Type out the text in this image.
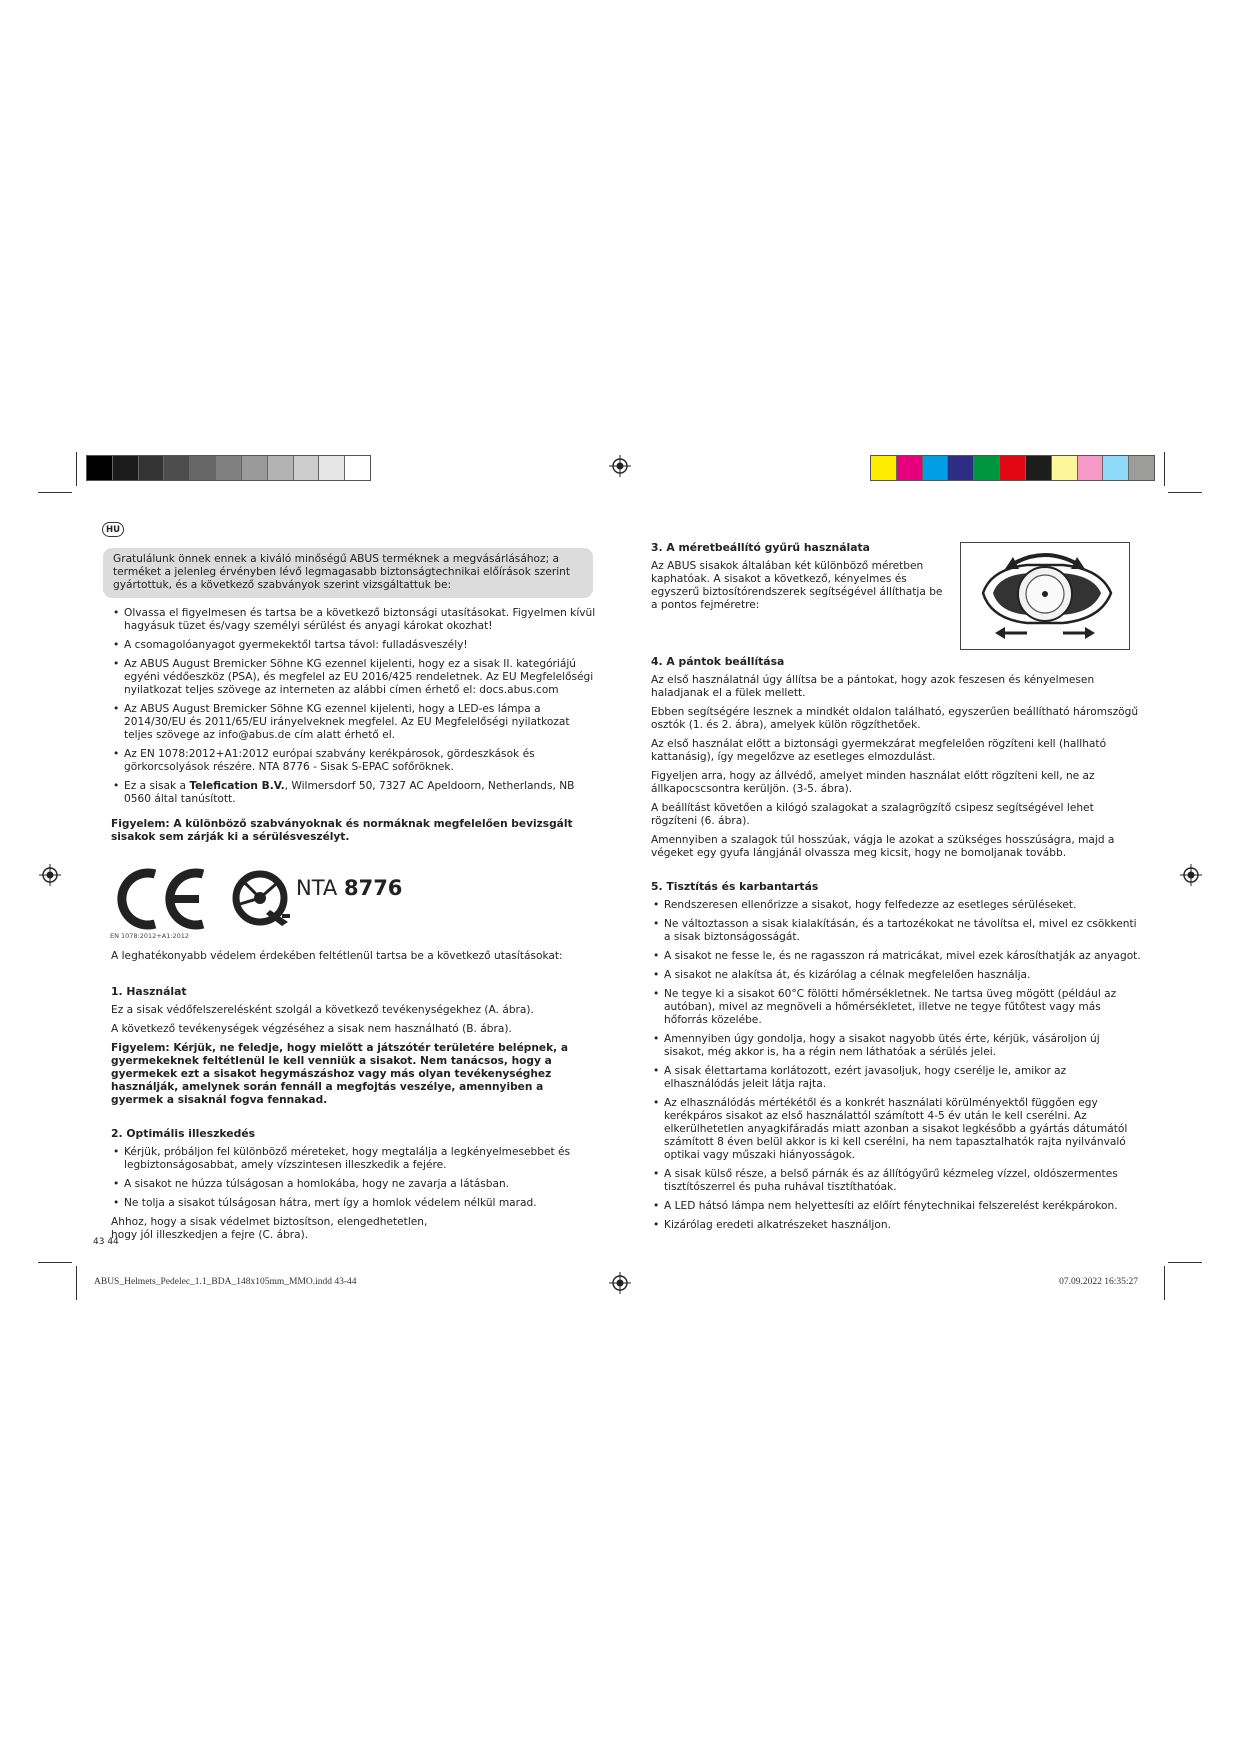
HU
Gratulálunk önnek ennek a kiváló minőségű ABUS terméknek a megvásárlásához; a terméket a jelenleg érvényben lévő legmagasabb biztonságtechnikai előírások szerint gyártottuk, és a következő szabványok szerint vizsgáltattuk be:
• Olvassa el figyelmesen és tartsa be a következő biztonsági utasításokat. Figyelmen kívül hagyásuk tüzet és/vagy személyi sérülést és anyagi károkat okozhat!
• A csomagolóanyagot gyermekektől tartsa távol: fulladásveszély!
• Az ABUS August Bremicker Söhne KG ezennel kijelenti, hogy ez a sisak II. kategóriájú egyéni védőeszköz (PSA), és megfelel az EU 2016/425 rendeletnek. Az EU Megfelelőségi nyilatkozat teljes szövege az interneten az alábbi címen érhető el: docs.abus.com
• Az ABUS August Bremicker Söhne KG ezennel kijelenti, hogy a LED-es lámpa a 2014/30/EU és 2011/65/EU irányelveknek megfelel. Az EU Megfelelőségi nyilatkozat teljes szövege az info@abus.de cím alatt érhető el.
• Az EN 1078:2012+A1:2012 európai szabvány kerékpárosok, gördeszkások és görkorcsolyások részére. NTA 8776 - Sisak S-EPAC sofőröknek.
• Ez a sisak a Telefication B.V., Wilmersdorf 50, 7327 AC Apeldoorn, Netherlands, NB 0560 által tanúsított.

Figyelem: A különböző szabványoknak és normáknak megfelelően bevizsgált sisakok sem zárják ki a sérülésveszélyt.

EN 1078:2012+A1:2012
NTA 8776

A leghatékonyabb védelem érdekében feltétlenül tartsa be a következő utasításokat:

1. Használat

Ez a sisak védőfelszerelésként szolgál a következő tevékenységekhez (A. ábra).

A következő tevékenységek végzéséhez a sisak nem használható (B. ábra).

Figyelem: Kérjük, ne feledje, hogy mielőtt a játszótér területére belépnek, a gyermekeknek feltétlenül le kell venniük a sisakot. Nem tanácsos, hogy a gyermekek ezt a sisakot hegymászáshoz vagy más olyan tevékenységhez használják, amelynek során fennáll a megfojtás veszélye, amennyiben a gyermek a sisaknál fogva fennakad.

2. Optimális illeszkedés
• Kérjük, próbáljon fel különböző méreteket, hogy megtalálja a legkényelmesebbet és legbiztonságosabbat, amely vízszintesen illeszkedik a fejére.
• A sisakot ne húzza túlságosan a homlokába, hogy ne zavarja a látásban.
• Ne tolja a sisakot túlságosan hátra, mert így a homlok védelem nélkül marad.

Ahhoz, hogy a sisak védelmet biztosítson, elengedhetetlen, hogy jól illeszkedjen a fejre (C. ábra).

43 44
3. A méretbeállító gyűrű használata

Az ABUS sisakok általában két különböző méretben kaphatóak. A sisakot a következő, kényelmes és egyszerű biztosítórendszerek segítségével állíthatja be a pontos fejméretre:

4. A pántok beállítása

Az első használatnál úgy állítsa be a pántokat, hogy azok feszesen és kényelmesen haladjanak el a fülek mellett.

Ebben segítségére lesznek a mindkét oldalon található, egyszerűen beállítható háromszögű osztók (1. és 2. ábra), amelyek külön rögzíthetőek.

Az első használat előtt a biztonsági gyermekzárat megfelelően rögzíteni kell (hallható kattanásig), így megelőzve az esetleges elmozdulást.

Figyeljen arra, hogy az állvédő, amelyet minden használat előtt rögzíteni kell, ne az állkapocscsontra kerüljön. (3-5. ábra).

A beállítást követően a kilógó szalagokat a szalagrögzítő csipesz segítségével lehet rögzíteni (6. ábra).

Amennyiben a szalagok túl hosszúak, vágja le azokat a szükséges hosszúságra, majd a végeket egy gyufa lángjánál olvassza meg kicsit, hogy ne bomoljanak tovább.

5. Tisztítás és karbantartás
• Rendszeresen ellenőrizze a sisakot, hogy felfedezze az esetleges sérüléseket.
• Ne változtasson a sisak kialakításán, és a tartozékokat ne távolítsa el, mivel ez csökkenti a sisak biztonságosságát.
• A sisakot ne fesse le, és ne ragasszon rá matricákat, mivel ezek károsíthatják az anyagot.
• A sisakot ne alakítsa át, és kizárólag a célnak megfelelően használja.
• Ne tegye ki a sisakot 60°C fölötti hőmérsékletnek. Ne tartsa üveg mögött (például az autóban), mivel az megnöveli a hőmérsékletet, illetve ne tegye fűtőtest vagy más hőforrás közelébe.
• Amennyiben úgy gondolja, hogy a sisakot nagyobb ütés érte, kérjük, vásároljon új sisakot, még akkor is, ha a régin nem láthatóak a sérülés jelei.
• A sisak élettartama korlátozott, ezért javasoljuk, hogy cserélje le, amikor az elhasználódás jeleit látja rajta.
• Az elhasználódás mértékétől és a konkrét használati körülményektől függően egy kerékpáros sisakot az első használattól számított 4-5 év után le kell cserélni. Az elkerülhetetlen anyagkifáradás miatt azonban a sisakot legkésőbb a gyártás dátumától számított 8 éven belül akkor is ki kell cserélni, ha nem tapasztalhatók rajta nyilvánvaló optikai vagy műszaki hiányosságok.
• A sisak külső része, a belső párnák és az állítógyűrű kézmeleg vízzel, oldószermentes tisztítószerrel és puha ruhával tisztíthatóak.
• A LED hátsó lámpa nem helyettesíti az előírt fénytechnikai felszerelést kerékpárokon.
• Kizárólag eredeti alkatrészeket használjon.
ABUS_Helmets_Pedelec_1.1_BDA_148x105mm_MMO.indd 43-44	07.09.2022 16:35:27
